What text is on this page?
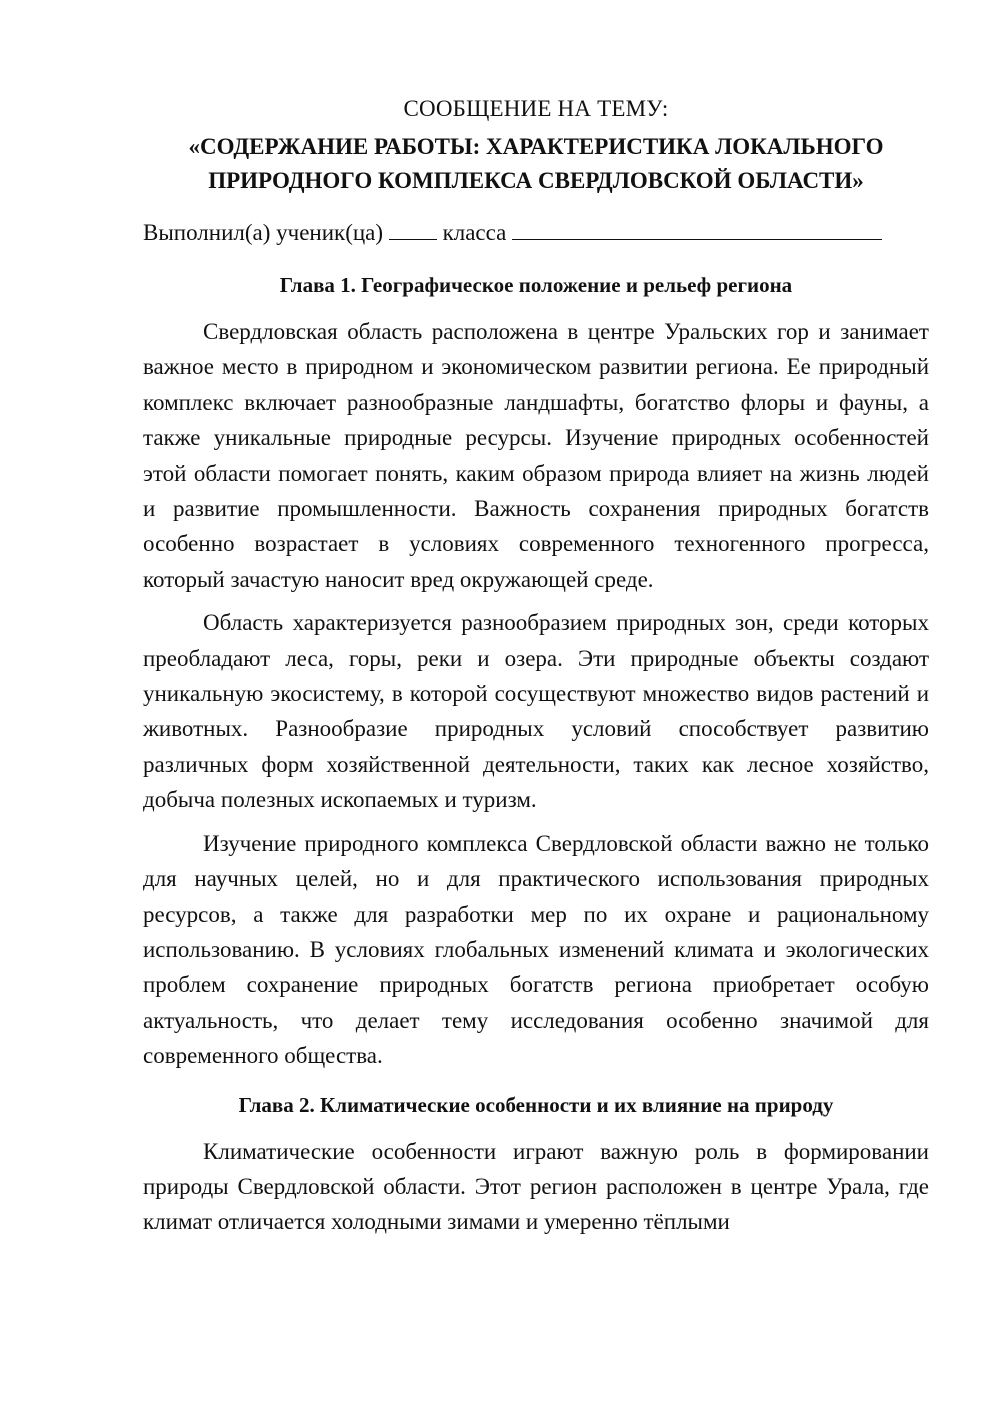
СООБЩЕНИЕ НА ТЕМУ:
«СОДЕРЖАНИЕ РАБОТЫ: ХАРАКТЕРИСТИКА ЛОКАЛЬНОГО
ПРИРОДНОГО КОМПЛЕКСА СВЕРДЛОВСКОЙ ОБЛАСТИ»
Выполнил(а) ученик(ца)	класса
Глава 1. Географическое положение и рельеф региона

Свердловская область расположена в центре Уральских гор и занимает важное место в природном и экономическом развитии региона. Ее природный комплекс включает разнообразные ландшафты, богатство флоры и фауны, а также уникальные природные ресурсы. Изучение природных особенностей этой области помогает понять, каким образом природа влияет на жизнь людей и развитие промышленности. Важность сохранения природных богатств особенно возрастает в условиях современного техногенного прогресса, который зачастую наносит вред окружающей среде.

Область характеризуется разнообразием природных зон, среди которых преобладают леса, горы, реки и озера. Эти природные объекты создают уникальную экосистему, в которой сосуществуют множество видов растений и животных. Разнообразие природных условий способствует развитию различных форм хозяйственной деятельности, таких как лесное хозяйство, добыча полезных ископаемых и туризм.

Изучение природного комплекса Свердловской области важно не только для научных целей, но и для практического использования природных ресурсов, а также для разработки мер по их охране и рациональному использованию. В условиях глобальных изменений климата и экологических проблем сохранение природных богатств региона приобретает особую актуальность, что делает тему исследования особенно значимой для современного общества.

Глава 2. Климатические особенности и их влияние на природу

Климатические особенности играют важную роль в формировании природы Свердловской области. Этот регион расположен в центре Урала, где климат отличается холодными зимами и умеренно тёплыми
